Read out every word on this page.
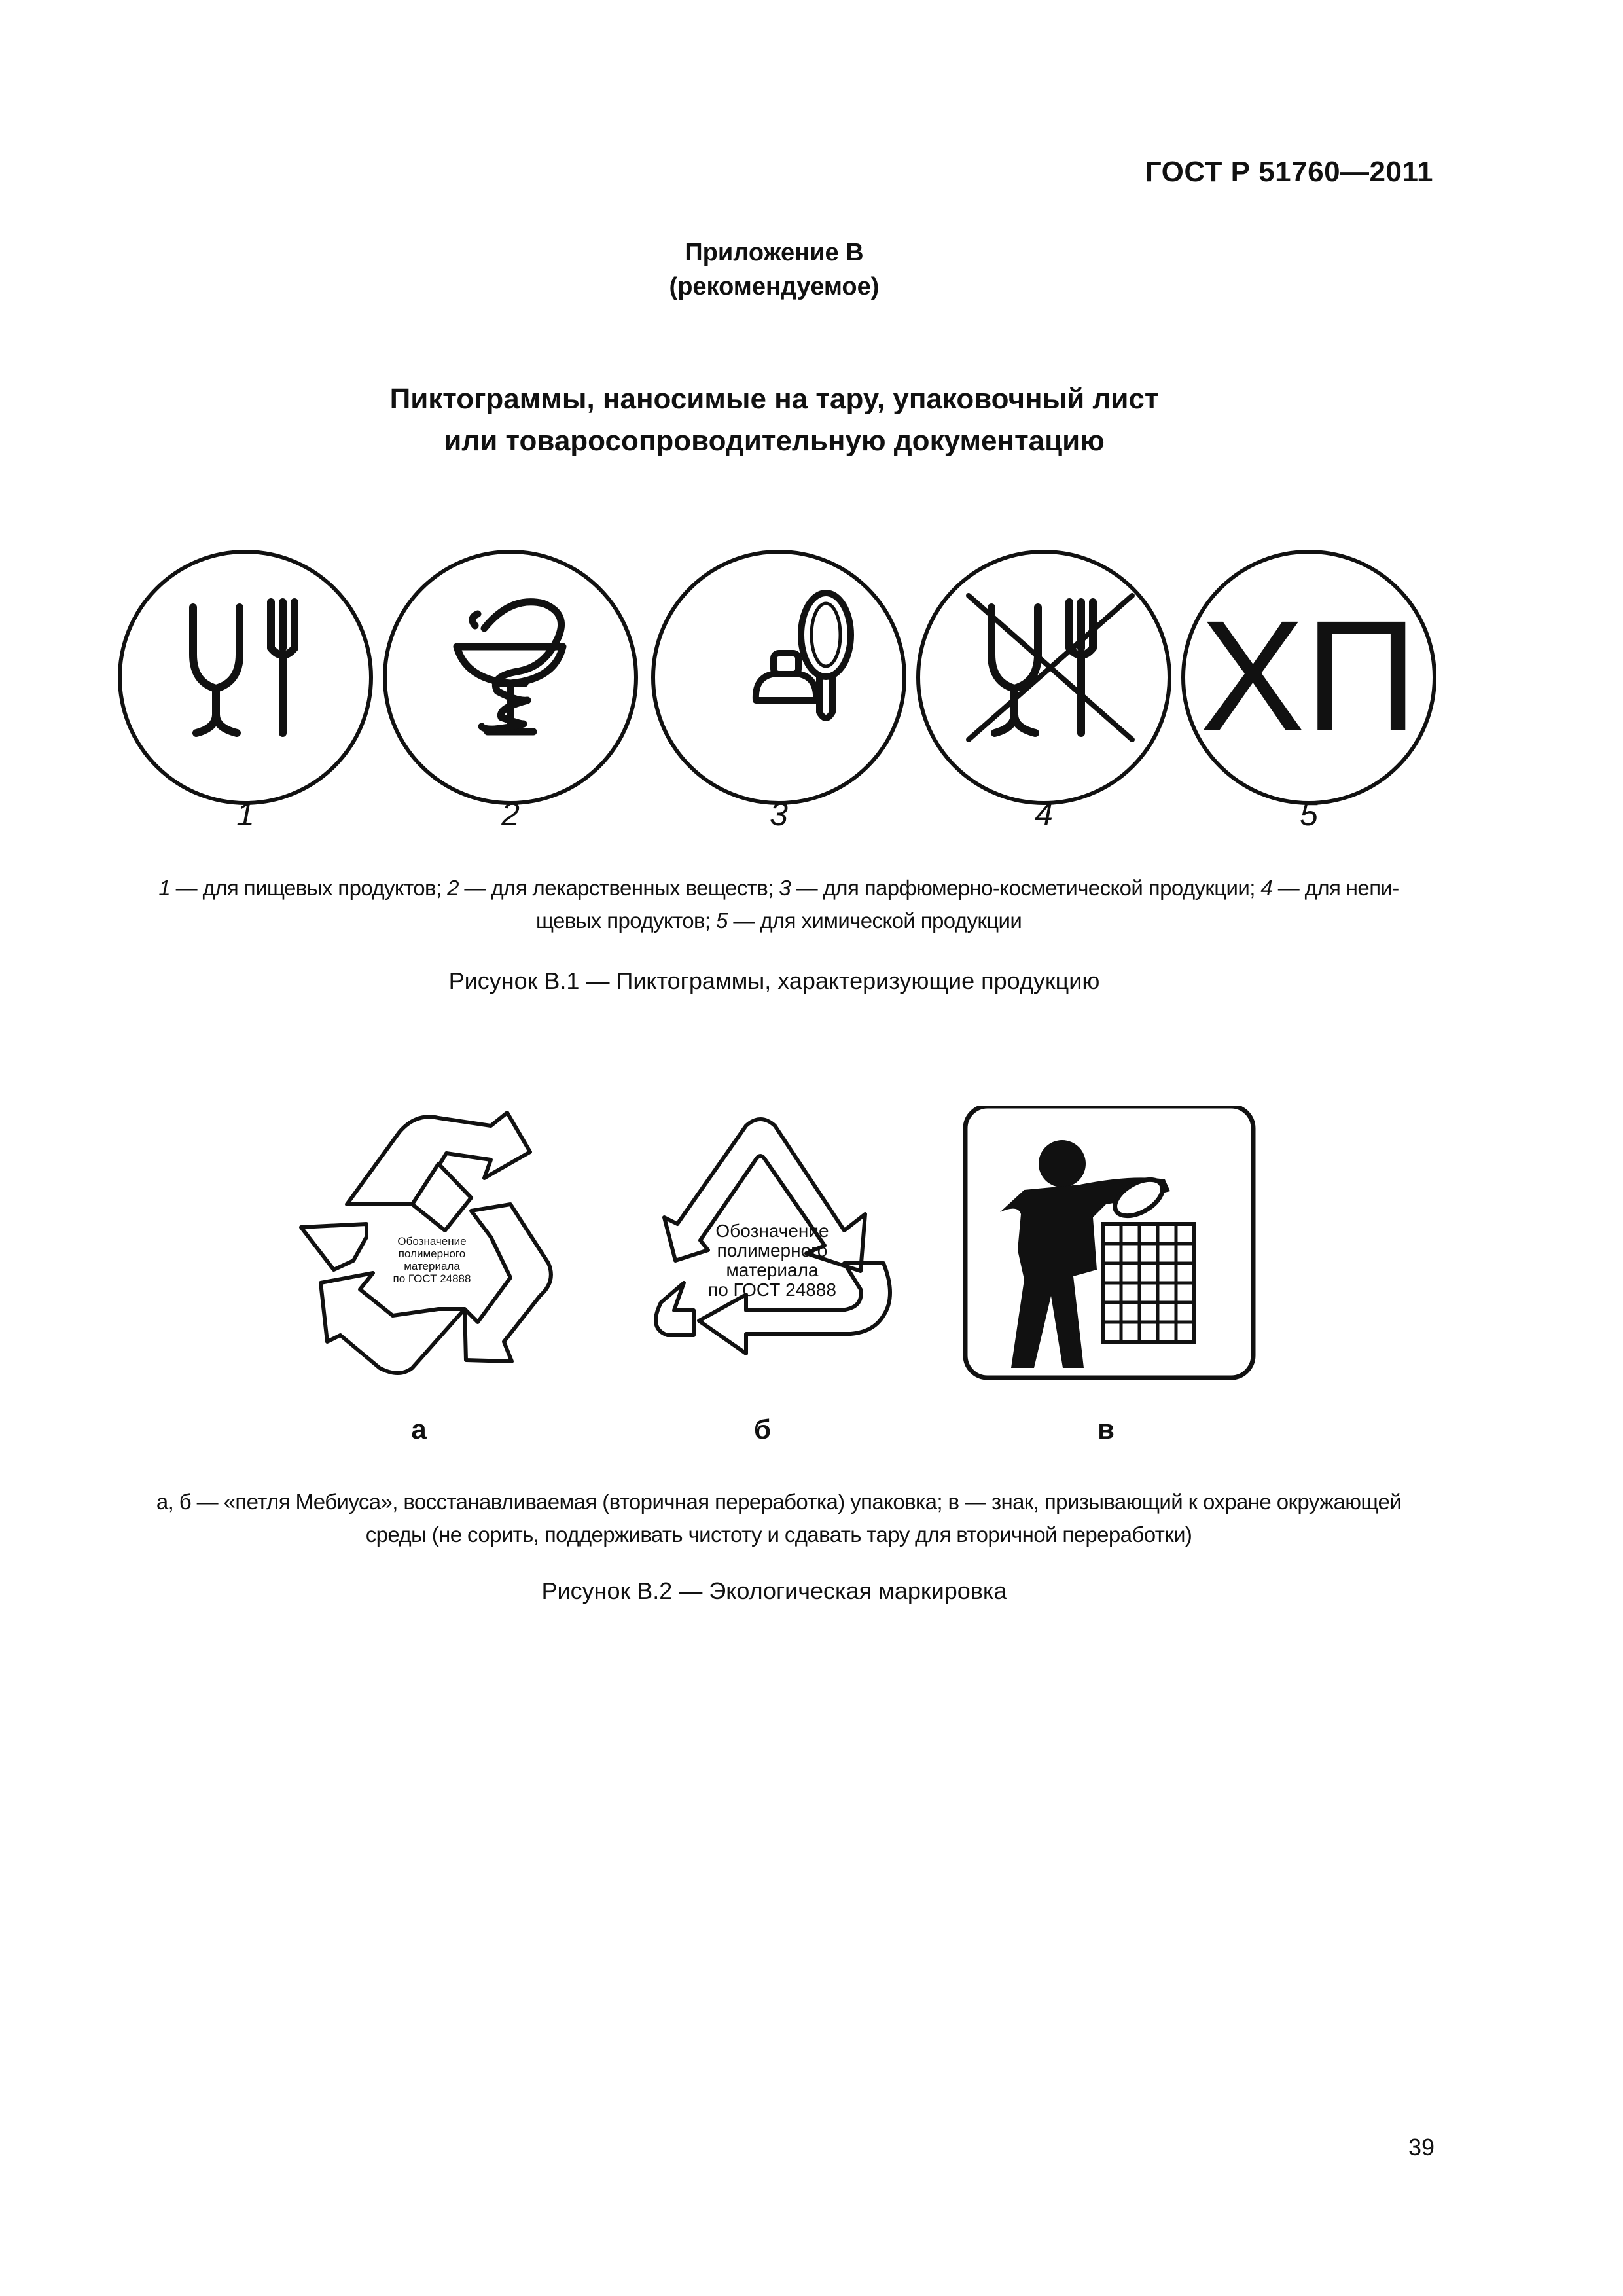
ГОСТ Р 51760—2011
Приложение В
(рекомендуемое)
Пиктограммы, наносимые на тару, упаковочный лист
или товаросопроводительную документацию
ХП
1	2	3	4	5
1 — для пищевых продуктов; 2 — для лекарственных веществ; 3 — для парфюмерно-косметической продукции; 4 — для непи-
щевых продуктов; 5 — для химической продукции
Рисунок В.1 — Пиктограммы, характеризующие продукцию
Обозначение
полимерного
материала
по ГОСТ 24888
Обозначение
полимерного
материала
по ГОСТ 24888
а	б	в
а, б — «петля Мебиуса», восстанавливаемая (вторичная переработка) упаковка; в — знак, призывающий к охране окружающей
среды (не сорить, поддерживать чистоту и сдавать тару для вторичной переработки)
Рисунок В.2 — Экологическая маркировка
39
